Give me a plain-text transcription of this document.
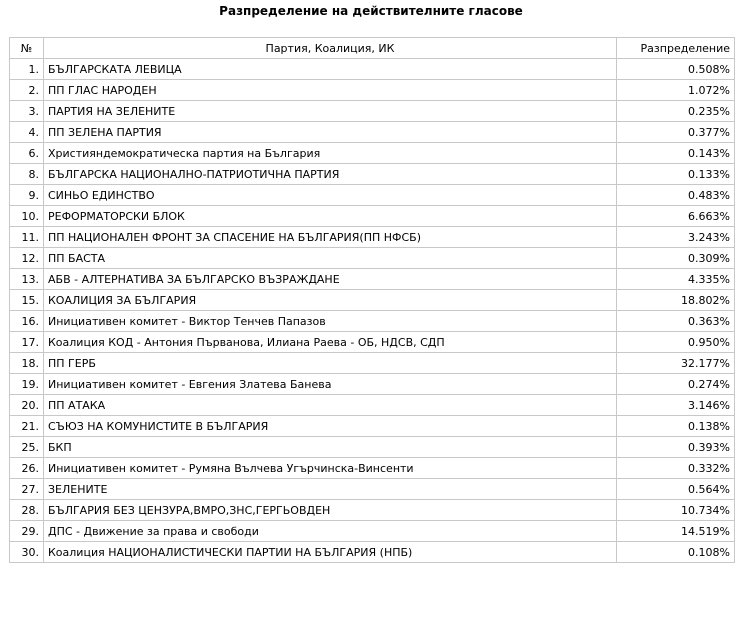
Разпределение на действителните гласове
№	Партия, Коалиция, ИК	Разпределение
1.	БЪЛГАРСКАТА ЛЕВИЦА	0.508%
2.	ПП ГЛАС НАРОДЕН	1.072%
3.	ПАРТИЯ НА ЗЕЛЕНИТЕ	0.235%
4.	ПП ЗЕЛЕНА ПАРТИЯ	0.377%
6.	Християндемократическа партия на България	0.143%
8.	БЪЛГАРСКА НАЦИОНАЛНО-ПАТРИОТИЧНА ПАРТИЯ	0.133%
9.	СИНЬО ЕДИНСТВО	0.483%
10.	РЕФОРМАТОРСКИ БЛОК	6.663%
11.	ПП НАЦИОНАЛЕН ФРОНТ ЗА СПАСЕНИЕ НА БЪЛГАРИЯ(ПП НФСБ)	3.243%
12.	ПП БАСТА	0.309%
13.	АБВ - АЛТЕРНАТИВА ЗА БЪЛГАРСКО ВЪЗРАЖДАНЕ	4.335%
15.	КОАЛИЦИЯ ЗА БЪЛГАРИЯ	18.802%
16.	Инициативен комитет - Виктор Тенчев Папазов	0.363%
17.	Коалиция КОД - Антония Първанова, Илиана Раева - ОБ, НДСВ, СДП	0.950%
18.	ПП ГЕРБ	32.177%
19.	Инициативен комитет - Евгения Златева Банева	0.274%
20.	ПП АТАКА	3.146%
21.	СЪЮЗ НА КОМУНИСТИТЕ В БЪЛГАРИЯ	0.138%
25.	БКП	0.393%
26.	Инициативен комитет - Румяна Вълчева Угърчинска-Винсенти	0.332%
27.	ЗЕЛЕНИТЕ	0.564%
28.	БЪЛГАРИЯ БЕЗ ЦЕНЗУРА,ВМРО,ЗНС,ГЕРГЬОВДЕН	10.734%
29.	ДПС - Движение за права и свободи	14.519%
30.	Коалиция НАЦИОНАЛИСТИЧЕСКИ ПАРТИИ НА БЪЛГАРИЯ (НПБ)	0.108%
